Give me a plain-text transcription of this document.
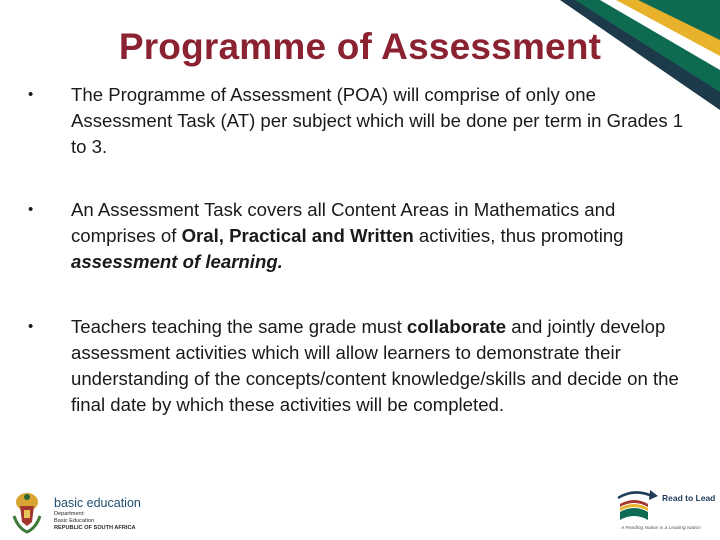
Programme of Assessment
• The Programme of Assessment (POA) will comprise of only one Assessment Task (AT) per subject which will be done per term in Grades 1 to 3.
• An Assessment Task covers all Content Areas in Mathematics and comprises of Oral, Practical and Written activities, thus promoting assessment of learning.
• Teachers teaching the same grade must collaborate and jointly develop assessment activities which will allow learners to demonstrate their understanding of the concepts/content knowledge/skills and decide on the final date by which these activities will be completed.
basic education
Department:
Basic Education
REPUBLIC OF SOUTH AFRICA
Read to Lead
A Reading Nation is a Leading Nation
